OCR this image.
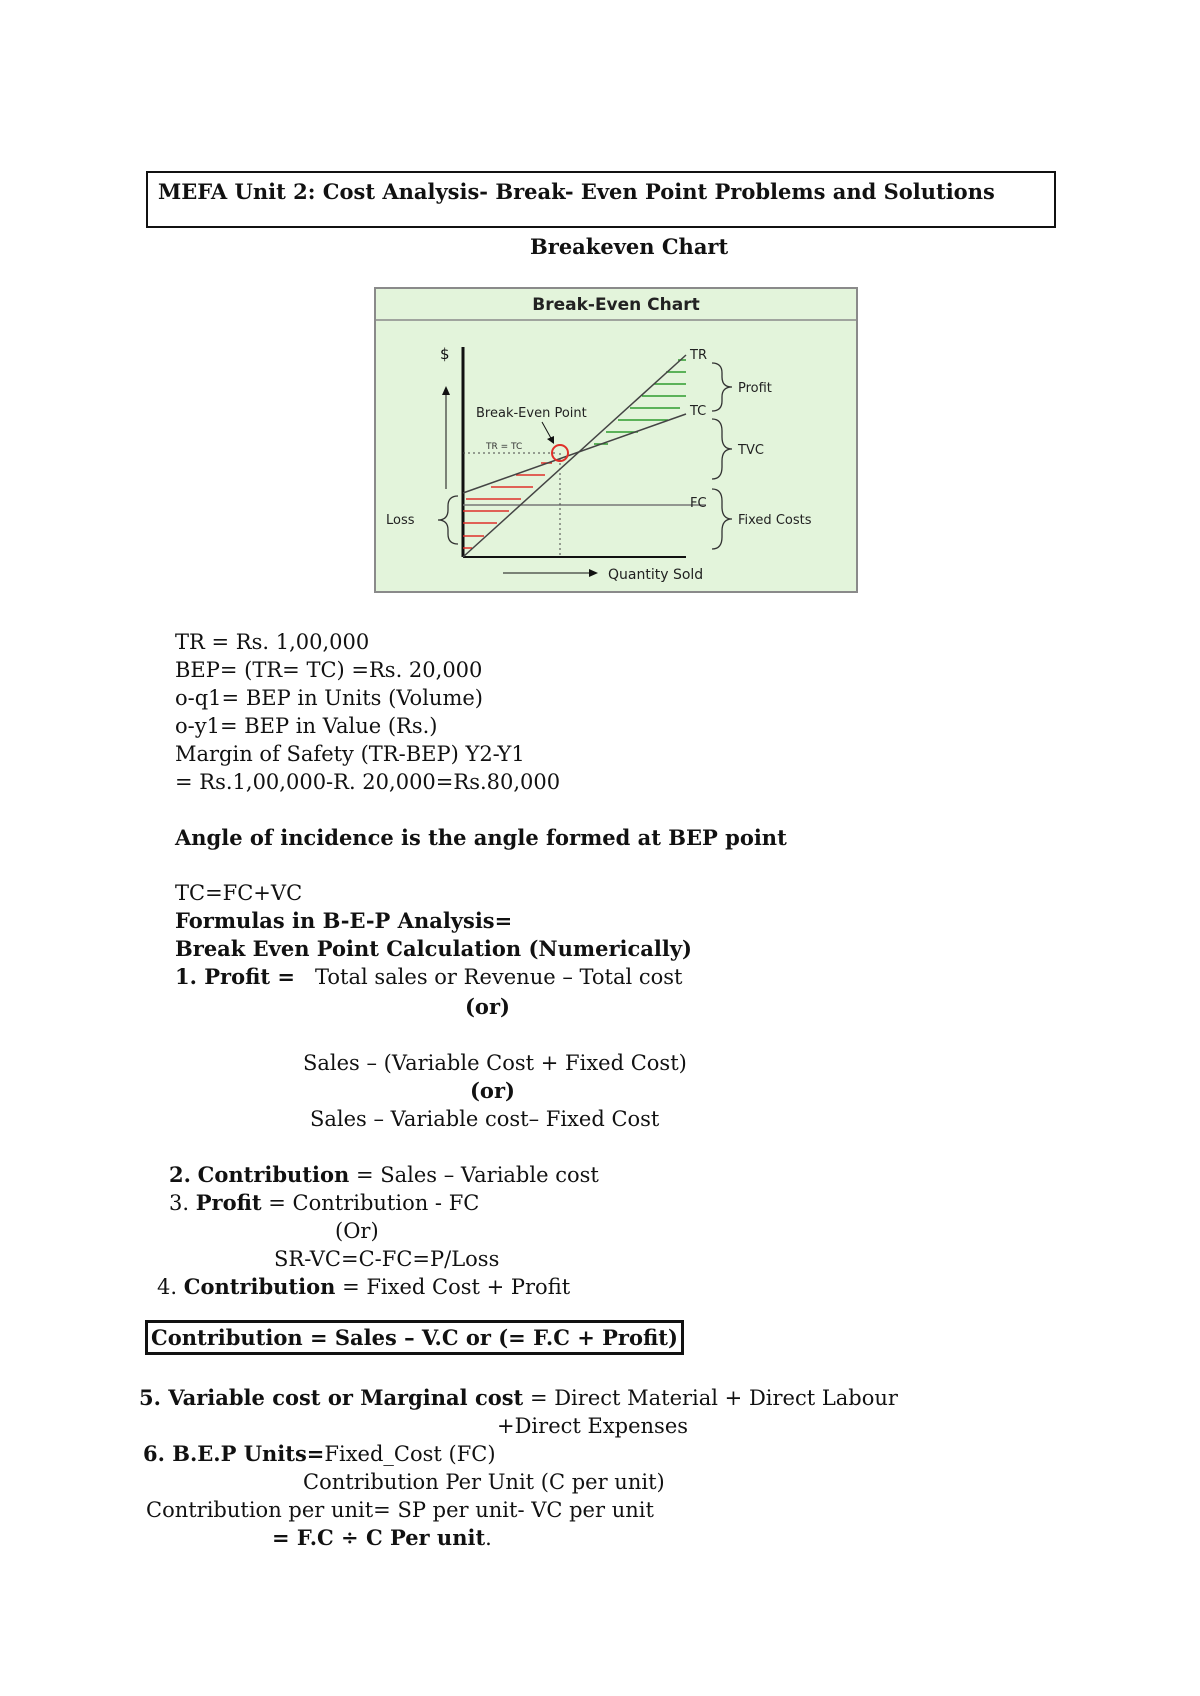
MEFA Unit 2: Cost Analysis- Break- Even Point Problems and Solutions
Breakeven Chart
Break-Even Chart
$
Quantity Sold
TR = TC
Break-Even Point
TR
TC
FC
Profit
TVC
Fixed Costs
Loss
TR = Rs. 1,00,000
BEP= (TR= TC) =Rs. 20,000
o-q1= BEP in Units (Volume)
o-y1= BEP in Value (Rs.)
Margin of Safety (TR-BEP) Y2-Y1
= Rs.1,00,000-R. 20,000=Rs.80,000
Angle of incidence is the angle formed at BEP point
TC=FC+VC
Formulas in B-E-P Analysis=
Break Even Point Calculation (Numerically)
1. Profit = Total sales or Revenue – Total cost
(or)
Sales – (Variable Cost + Fixed Cost)
(or)
Sales – Variable cost– Fixed Cost
2. Contribution = Sales – Variable cost
3. Profit = Contribution - FC
(Or)
SR-VC=C-FC=P/Loss
4. Contribution = Fixed Cost + Profit
Contribution = Sales – V.C or (= F.C + Profit)
5. Variable cost or Marginal cost = Direct Material + Direct Labour
+Direct Expenses
6. B.E.P Units=Fixed_Cost (FC)
Contribution Per Unit (C per unit)
Contribution per unit= SP per unit- VC per unit
= F.C ÷ C Per unit.
